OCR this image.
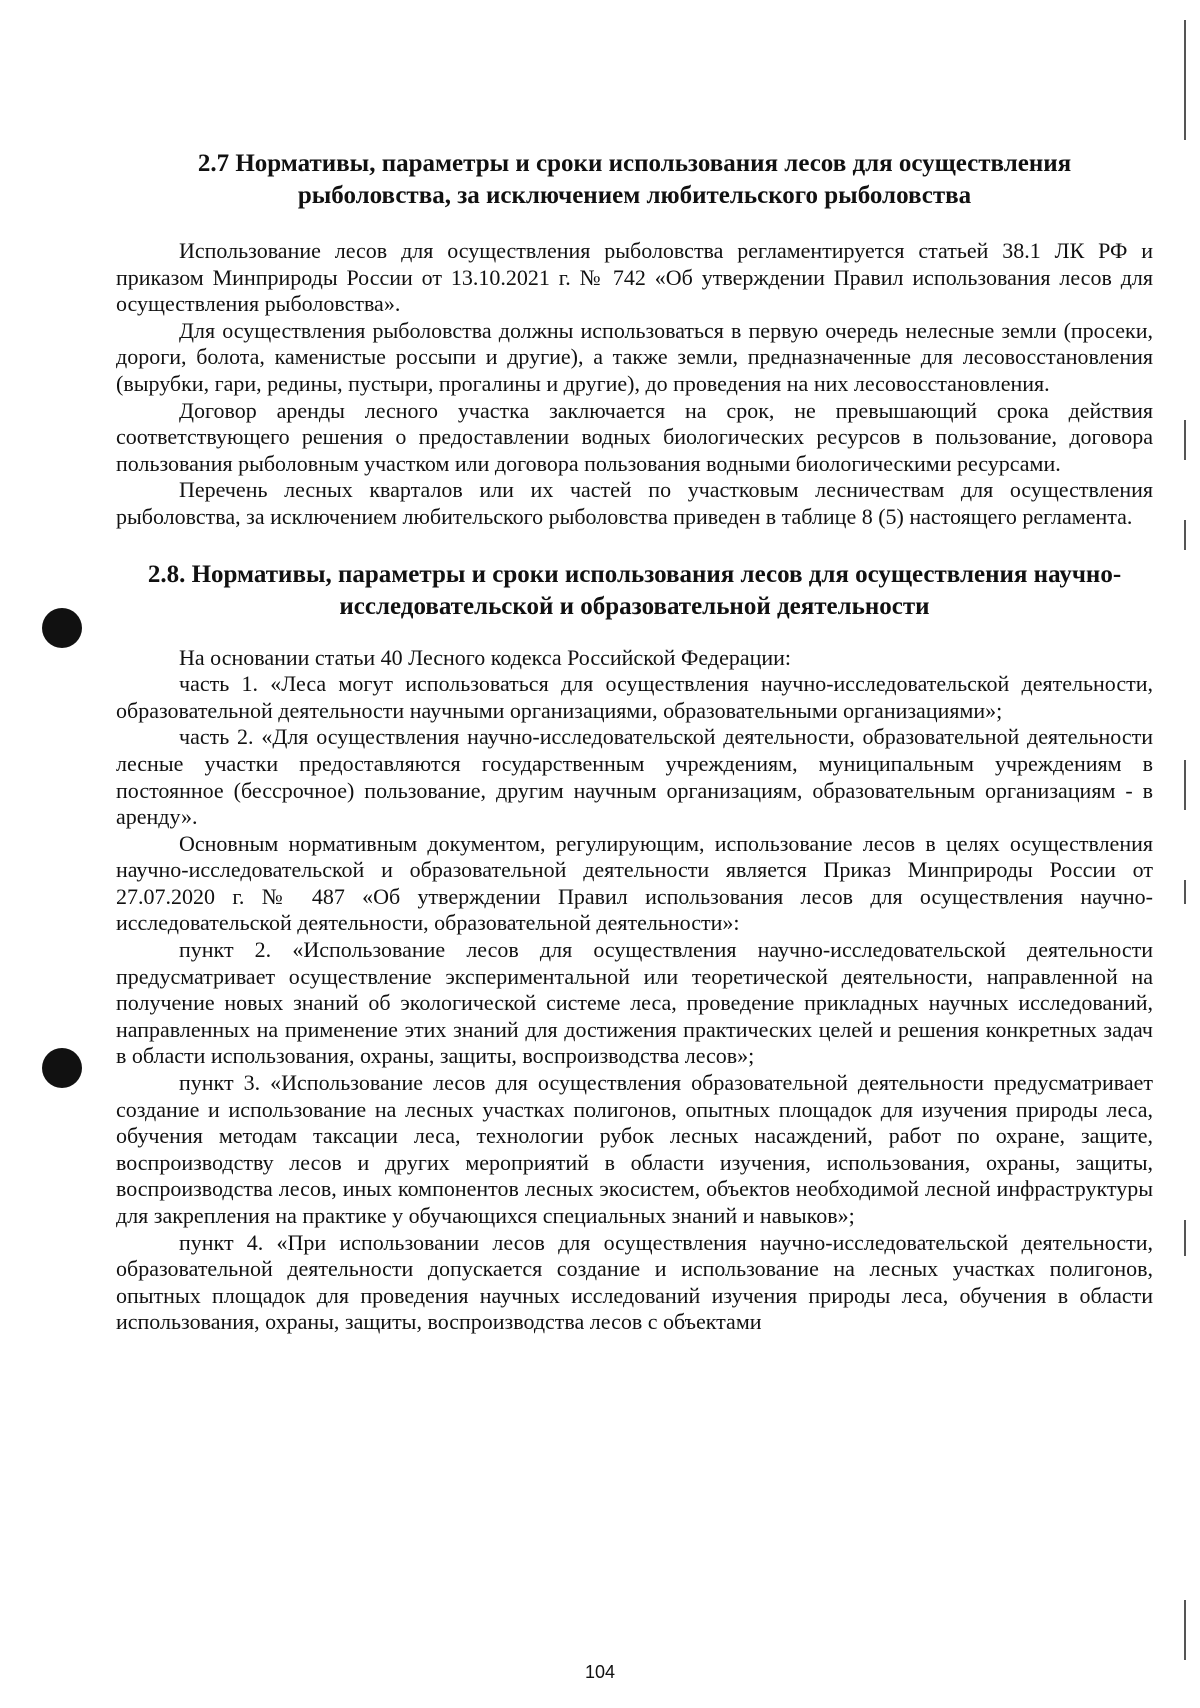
2.7 Нормативы, параметры и сроки использования лесов для осуществления рыболовства, за исключением любительского рыболовства

Использование лесов для осуществления рыболовства регламентируется статьей 38.1 ЛК РФ и приказом Минприроды России от 13.10.2021 г. № 742 «Об утверждении Правил использования лесов для осуществления рыболовства».

Для осуществления рыболовства должны использоваться в первую очередь нелесные земли (просеки, дороги, болота, каменистые россыпи и другие), а также земли, предназначенные для лесовосстановления (вырубки, гари, редины, пустыри, прогалины и другие), до проведения на них лесовосстановления.

Договор аренды лесного участка заключается на срок, не превышающий срока действия соответствующего решения о предоставлении водных биологических ресурсов в пользование, договора пользования рыболовным участком или договора пользования водными биологическими ресурсами.

Перечень лесных кварталов или их частей по участковым лесничествам для осуществления рыболовства, за исключением любительского рыболовства приведен в таблице 8 (5) настоящего регламента.

2.8. Нормативы, параметры и сроки использования лесов для осуществления научно-исследовательской и образовательной деятельности

На основании статьи 40 Лесного кодекса Российской Федерации:

часть 1. «Леса могут использоваться для осуществления научно-исследовательской деятельности, образовательной деятельности научными организациями, образовательными организациями»;

часть 2. «Для осуществления научно-исследовательской деятельности, образовательной деятельности лесные участки предоставляются государственным учреждениям, муниципальным учреждениям в постоянное (бессрочное) пользование, другим научным организациям, образовательным организациям - в аренду».

Основным нормативным документом, регулирующим, использование лесов в целях осуществления научно-исследовательской и образовательной деятельности является Приказ Минприроды России от 27.07.2020 г. № 487 «Об утверждении Правил использования лесов для осуществления научно-исследовательской деятельности, образовательной деятельности»:

пункт 2. «Использование лесов для осуществления научно-исследовательской деятельности предусматривает осуществление экспериментальной или теоретической деятельности, направленной на получение новых знаний об экологической системе леса, проведение прикладных научных исследований, направленных на применение этих знаний для достижения практических целей и решения конкретных задач в области использования, охраны, защиты, воспроизводства лесов»;

пункт 3. «Использование лесов для осуществления образовательной деятельности предусматривает создание и использование на лесных участках полигонов, опытных площадок для изучения природы леса, обучения методам таксации леса, технологии рубок лесных насаждений, работ по охране, защите, воспроизводству лесов и других мероприятий в области изучения, использования, охраны, защиты, воспроизводства лесов, иных компонентов лесных экосистем, объектов необходимой лесной инфраструктуры для закрепления на практике у обучающихся специальных знаний и навыков»;

пункт 4. «При использовании лесов для осуществления научно-исследовательской деятельности, образовательной деятельности допускается создание и использование на лесных участках полигонов, опытных площадок для проведения научных исследований изучения природы леса, обучения в области использования, охраны, защиты, воспроизводства лесов с объектами

104
